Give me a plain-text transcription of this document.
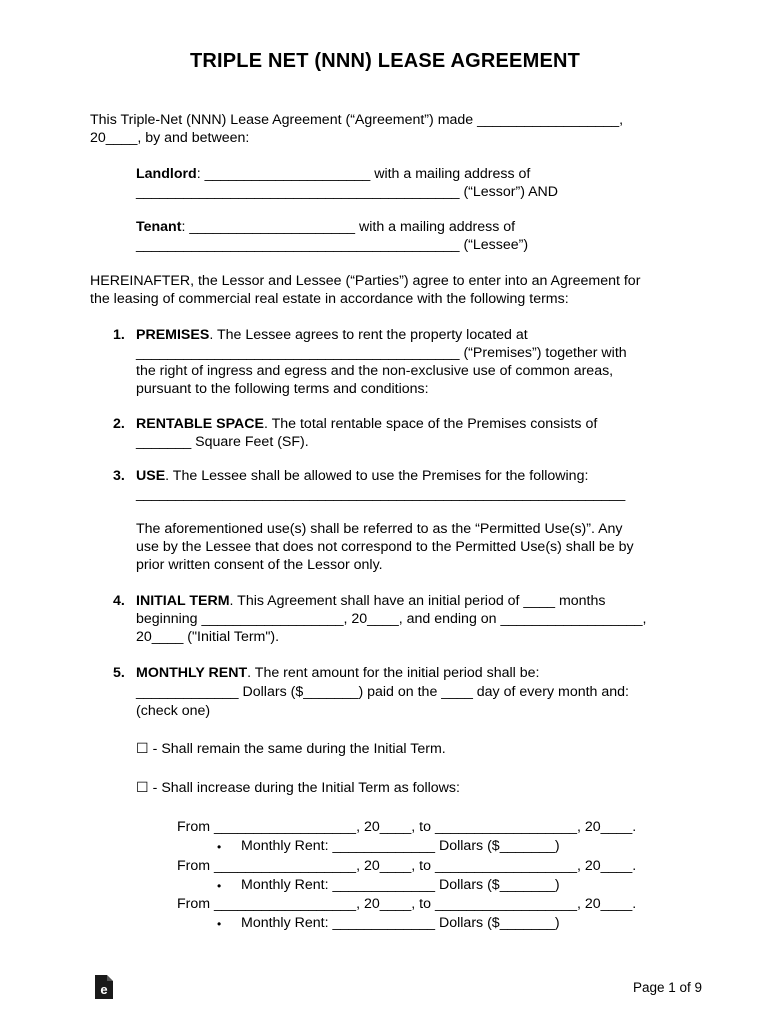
TRIPLE NET (NNN) LEASE AGREEMENT
This Triple-Net (NNN) Lease Agreement (“Agreement”) made __________________,
20____, by and between:
Landlord: _____________________ with a mailing address of
_________________________________________ (“Lessor”) AND
Tenant: _____________________ with a mailing address of
_________________________________________ (“Lessee”)
HEREINAFTER, the Lessor and Lessee (“Parties”) agree to enter into an Agreement for
the leasing of commercial real estate in accordance with the following terms:
1. PREMISES. The Lessee agrees to rent the property located at
_________________________________________ (“Premises”) together with
the right of ingress and egress and the non-exclusive use of common areas,
pursuant to the following terms and conditions:
2. RENTABLE SPACE. The total rentable space of the Premises consists of
_______ Square Feet (SF).
3. USE. The Lessee shall be allowed to use the Premises for the following:
______________________________________________________________
The aforementioned use(s) shall be referred to as the “Permitted Use(s)”. Any
use by the Lessee that does not correspond to the Permitted Use(s) shall be by
prior written consent of the Lessor only.
4. INITIAL TERM. This Agreement shall have an initial period of ____ months
beginning __________________, 20____, and ending on __________________,
20____ ("Initial Term").
5. MONTHLY RENT. The rent amount for the initial period shall be:
_____________ Dollars ($_______) paid on the ____ day of every month and:
(check one)
☐ - Shall remain the same during the Initial Term.
☐ - Shall increase during the Initial Term as follows:
From __________________, 20____, to __________________, 20____.
• Monthly Rent: _____________ Dollars ($_______)
From __________________, 20____, to __________________, 20____.
• Monthly Rent: _____________ Dollars ($_______)
From __________________, 20____, to __________________, 20____.
• Monthly Rent: _____________ Dollars ($_______)
e	Page 1 of 9
